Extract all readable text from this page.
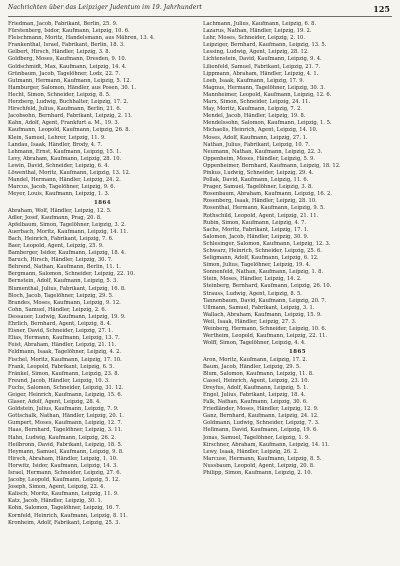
Nachrichten über das Leipziger Judentum im 19. Jahrhundert	125
Friedman, Jacob, Fabrikant, Berlin, 25. 9.
Fürstenberg, Isidor, Kaufmann, Leipzig, 10. 6.
Fleischmann, Moritz, Handelsmann, aus Mähren, 13. 4.
Frankenthal, Israel, Fabrikant, Berlin, 18. 3.
Gelbert, Hirsch, Händler, Leipzig, 3. 8.
Goldberg, Moses, Kaufmann, Dresden, 9. 10.
Goldschmidt, Max, Kaufmann, Leipzig, 14. 4.
Grünbaum, Jacob, Tagelöhner, Lodz, 22. 7.
Gutmann, Hermann, Kaufmann, Leipzig, 5. 12.
Hamburger, Salomon, Händler, aus Posen, 30. 1.
Hecht, Simon, Schneider, Leipzig, 8. 5.
Herzberg, Ludwig, Buchhalter, Leipzig, 17. 2.
Hirschfeld, Julius, Kaufmann, Berlin, 21. 6.
Jacobsohn, Bernhard, Fabrikant, Leipzig, 2. 11.
Kahn, Adolf, Agent, Frankfurt a. M., 19. 3.
Kaufmann, Leopold, Kaufmann, Leipzig, 26. 8.
Klein, Samuel, Lehrer, Leipzig, 11. 9.
Landau, Isaak, Händler, Brody, 4. 7.
Lehmann, Ernst, Kaufmann, Leipzig, 15. 1.
Levy, Abraham, Kaufmann, Leipzig, 28. 10.
Lewin, David, Schneider, Leipzig, 6. 4.
Löwenthal, Moritz, Kaufmann, Leipzig, 13. 12.
Mandel, Hermann, Händler, Leipzig, 24. 2.
Marcus, Jacob, Tagelöhner, Leipzig, 9. 6.
Meyer, Louis, Kaufmann, Leipzig, 1. 3.
1864
Abraham, Wolf, Händler, Leipzig, 12. 5.
Adler, Josef, Kaufmann, Prag, 20. 8.
Apfelbaum, Simon, Tagelöhner, Leipzig, 3. 2.
Auerbach, Moritz, Kaufmann, Leipzig, 14. 11.
Bach, Heinrich, Fabrikant, Leipzig, 7. 6.
Baer, Leopold, Agent, Leipzig, 25. 9.
Bamberger, Isidor, Kaufmann, Leipzig, 18. 4.
Baruch, Hirsch, Händler, Leipzig, 30. 7.
Behrend, Nathan, Kaufmann, Berlin, 11. 1.
Bergmann, Salomon, Schneider, Leipzig, 22. 10.
Bernstein, Adolf, Kaufmann, Leipzig, 5. 3.
Blumenthal, Julius, Fabrikant, Leipzig, 16. 8.
Bloch, Jacob, Tagelöhner, Leipzig, 29. 5.
Brandes, Moses, Kaufmann, Leipzig, 9. 12.
Cohn, Samuel, Händler, Leipzig, 2. 6.
Dessauer, Ludwig, Kaufmann, Leipzig, 19. 9.
Ehrlich, Bernhard, Agent, Leipzig, 8. 4.
Eisner, David, Schneider, Leipzig, 27. 1.
Elias, Hermann, Kaufmann, Leipzig, 13. 7.
Feist, Abraham, Händler, Leipzig, 21. 11.
Feldmann, Isaak, Tagelöhner, Leipzig, 4. 2.
Fischel, Moritz, Kaufmann, Leipzig, 17. 10.
Frank, Leopold, Fabrikant, Leipzig, 6. 5.
Fränkel, Simon, Kaufmann, Leipzig, 23. 8.
Freund, Jacob, Händler, Leipzig, 10. 3.
Fuchs, Salomon, Schneider, Leipzig, 31. 12.
Geiger, Heinrich, Kaufmann, Leipzig, 15. 6.
Glaser, Adolf, Agent, Leipzig, 28. 4.
Goldstein, Julius, Kaufmann, Leipzig, 7. 9.
Gottschalk, Nathan, Händler, Leipzig, 20. 1.
Gumpert, Moses, Kaufmann, Leipzig, 12. 7.
Haas, Bernhard, Tagelöhner, Leipzig, 3. 11.
Hahn, Ludwig, Kaufmann, Leipzig, 26. 2.
Heilbronn, David, Fabrikant, Leipzig, 18. 5.
Heymann, Samuel, Kaufmann, Leipzig, 9. 8.
Hirsch, Abraham, Händler, Leipzig, 1. 10.
Horwitz, Isidor, Kaufmann, Leipzig, 14. 3.
Israel, Hermann, Schneider, Leipzig, 27. 6.
Jacoby, Leopold, Kaufmann, Leipzig, 5. 12.
Joseph, Simon, Agent, Leipzig, 22. 4.
Kalisch, Moritz, Kaufmann, Leipzig, 11. 9.
Katz, Jacob, Händler, Leipzig, 30. 1.
Kohn, Salomon, Tagelöhner, Leipzig, 16. 7.
Kornfeld, Heinrich, Kaufmann, Leipzig, 8. 11.
Kronheim, Adolf, Fabrikant, Leipzig, 25. 3.
Lachmann, Julius, Kaufmann, Leipzig, 6. 8.
Lazarus, Nathan, Händler, Leipzig, 19. 2.
Lehr, Moses, Schneider, Leipzig, 2. 10.
Leipziger, Bernhard, Kaufmann, Leipzig, 13. 5.
Lessing, Ludwig, Agent, Leipzig, 28. 12.
Lichtenstein, David, Kaufmann, Leipzig, 9. 4.
Lilienfeld, Samuel, Fabrikant, Leipzig, 21. 7.
Lippmann, Abraham, Händler, Leipzig, 4. 1.
Loeb, Isaak, Kaufmann, Leipzig, 17. 9.
Magnus, Hermann, Tagelöhner, Leipzig, 30. 3.
Mannheimer, Leopold, Kaufmann, Leipzig, 12. 6.
Marx, Simon, Schneider, Leipzig, 24. 11.
May, Moritz, Kaufmann, Leipzig, 7. 2.
Mendel, Jacob, Händler, Leipzig, 19. 8.
Mendelssohn, Salomon, Kaufmann, Leipzig, 1. 5.
Michaelis, Heinrich, Agent, Leipzig, 14. 10.
Moses, Adolf, Kaufmann, Leipzig, 27. 1.
Nathan, Julius, Fabrikant, Leipzig, 10. 7.
Neumann, Nathan, Kaufmann, Leipzig, 22. 3.
Oppenheim, Moses, Händler, Leipzig, 5. 9.
Oppenheimer, Bernhard, Kaufmann, Leipzig, 18. 12.
Pinkus, Ludwig, Schneider, Leipzig, 29. 4.
Pollak, David, Kaufmann, Leipzig, 11. 6.
Prager, Samuel, Tagelöhner, Leipzig, 3. 8.
Rosenbaum, Abraham, Kaufmann, Leipzig, 16. 2.
Rosenberg, Isaak, Händler, Leipzig, 28. 10.
Rosenthal, Hermann, Kaufmann, Leipzig, 9. 5.
Rothschild, Leopold, Agent, Leipzig, 21. 11.
Rubin, Simon, Kaufmann, Leipzig, 4. 7.
Sachs, Moritz, Fabrikant, Leipzig, 17. 1.
Salomon, Jacob, Händler, Leipzig, 30. 9.
Schlesinger, Salomon, Kaufmann, Leipzig, 12. 3.
Schwarz, Heinrich, Schneider, Leipzig, 25. 6.
Seligmann, Adolf, Kaufmann, Leipzig, 6. 12.
Simon, Julius, Tagelöhner, Leipzig, 19. 4.
Sonnenfeld, Nathan, Kaufmann, Leipzig, 1. 8.
Stein, Moses, Händler, Leipzig, 14. 2.
Steinberg, Bernhard, Kaufmann, Leipzig, 26. 10.
Strauss, Ludwig, Agent, Leipzig, 8. 5.
Tannenbaum, David, Kaufmann, Leipzig, 20. 7.
Ullmann, Samuel, Fabrikant, Leipzig, 3. 1.
Wallach, Abraham, Kaufmann, Leipzig, 15. 9.
Weil, Isaak, Händler, Leipzig, 27. 3.
Weinberg, Hermann, Schneider, Leipzig, 10. 6.
Wertheim, Leopold, Kaufmann, Leipzig, 22. 11.
Wolff, Simon, Tagelöhner, Leipzig, 4. 4.
1865
Aron, Moritz, Kaufmann, Leipzig, 17. 2.
Baum, Jacob, Händler, Leipzig, 29. 5.
Blum, Salomon, Kaufmann, Leipzig, 11. 8.
Cassel, Heinrich, Agent, Leipzig, 23. 10.
Dreyfus, Adolf, Kaufmann, Leipzig, 5. 1.
Engel, Julius, Fabrikant, Leipzig, 18. 4.
Falk, Nathan, Kaufmann, Leipzig, 30. 6.
Friedländer, Moses, Händler, Leipzig, 12. 9.
Ganz, Bernhard, Kaufmann, Leipzig, 24. 12.
Goldmann, Ludwig, Schneider, Leipzig, 7. 3.
Hellmann, David, Kaufmann, Leipzig, 19. 6.
Jonas, Samuel, Tagelöhner, Leipzig, 1. 9.
Kirschner, Abraham, Kaufmann, Leipzig, 14. 11.
Lewy, Isaak, Händler, Leipzig, 26. 2.
Marcuse, Hermann, Kaufmann, Leipzig, 8. 5.
Nussbaum, Leopold, Agent, Leipzig, 20. 8.
Philipp, Simon, Kaufmann, Leipzig, 2. 10.
